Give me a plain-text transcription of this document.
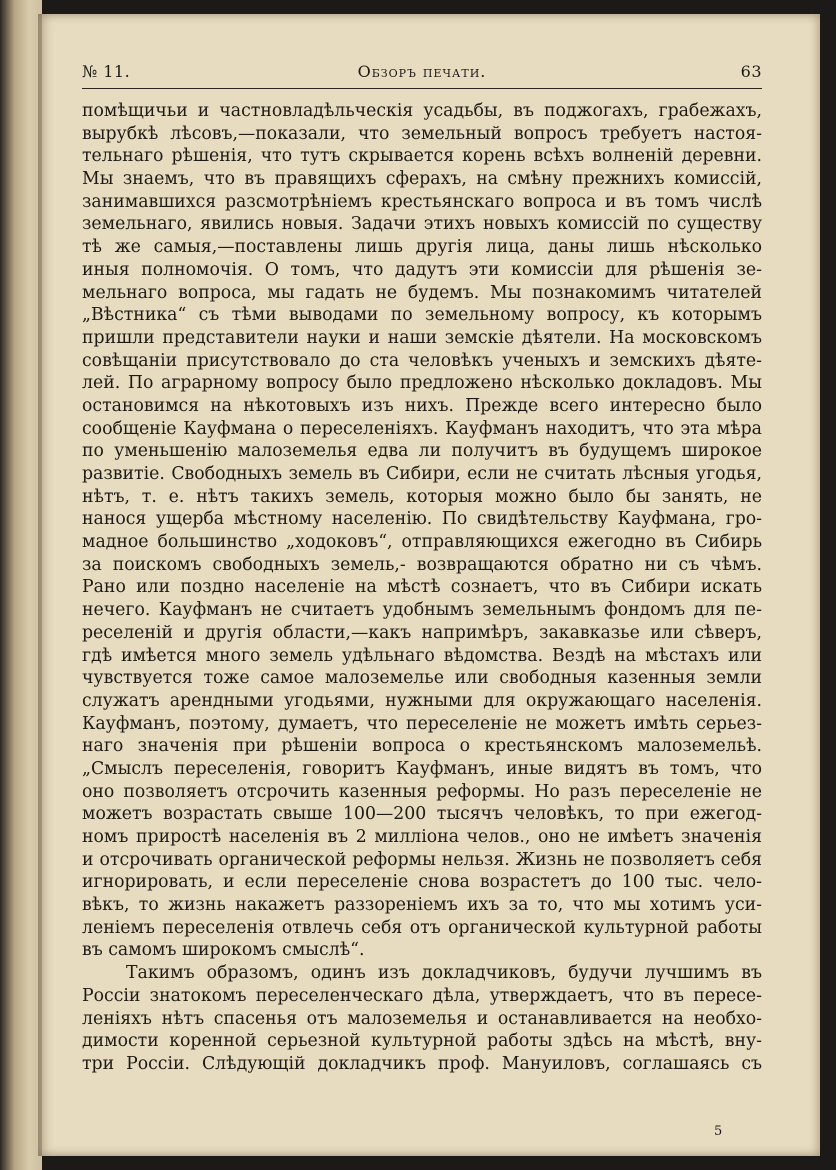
№ 11.	Обзоръ печати.	63
помѣщичьи и частновладѣльческія усадьбы, въ поджогахъ, грабежахъ,
вырубкѣ лѣсовъ,—показали, что земельный вопросъ требуетъ настоя-
тельнаго рѣшенія, что тутъ скрывается корень всѣхъ волненій деревни.
Мы знаемъ, что въ правящихъ сферахъ, на смѣну прежнихъ комиссій,
занимавшихся разсмотрѣніемъ крестьянскаго вопроса и въ томъ числѣ
земельнаго, явились новыя. Задачи этихъ новыхъ комиссій по существу
тѣ же самыя,—поставлены лишь другія лица, даны лишь нѣсколько
иныя полномочія. О томъ, что дадутъ эти комиссіи для рѣшенія зе-
мельнаго вопроса, мы гадать не будемъ. Мы познакомимъ читателей
„Вѣстника“ съ тѣми выводами по земельному вопросу, къ которымъ
пришли представители науки и наши земскіе дѣятели. На московскомъ
совѣщаніи присутствовало до ста человѣкъ ученыхъ и земскихъ дѣяте-
лей. По аграрному вопросу было предложено нѣсколько докладовъ. Мы
остановимся на нѣкотовыхъ изъ нихъ. Прежде всего интересно было
сообщеніе Кауфмана о переселеніяхъ. Кауфманъ находитъ, что эта мѣра
по уменьшенію малоземелья едва ли получитъ въ будущемъ широкое
развитіе. Свободныхъ земель въ Сибири, если не считать лѣсныя угодья,
нѣтъ, т. е. нѣтъ такихъ земель, которыя можно было бы занять, не
нанося ущерба мѣстному населенію. По свидѣтельству Кауфмана, гро-
мадное большинство „ходоковъ“, отправляющихся ежегодно въ Сибирь
за поискомъ свободныхъ земель,- возвращаются обратно ни съ чѣмъ.
Рано или поздно населеніе на мѣстѣ сознаетъ, что въ Сибири искать
нечего. Кауфманъ не считаетъ удобнымъ земельнымъ фондомъ для пе-
реселеній и другія области,—какъ напримѣръ, закавказье или сѣверъ,
гдѣ имѣется много земель удѣльнаго вѣдомства. Вездѣ на мѣстахъ или
чувствуется тоже самое малоземелье или свободныя казенныя земли
служатъ арендными угодьями, нужными для окружающаго населенія.
Кауфманъ, поэтому, думаетъ, что переселеніе не можетъ имѣть серьез-
наго значенія при рѣшеніи вопроса о крестьянскомъ малоземельѣ.
„Смыслъ переселенія, говоритъ Кауфманъ, иные видятъ въ томъ, что
оно позволяетъ отсрочить казенныя реформы. Но разъ переселеніе не
можетъ возрастать свыше 100—200 тысячъ человѣкъ, то при ежегод-
номъ приростѣ населенія въ 2 милліона челов., оно не имѣетъ значенія
и отсрочивать органической реформы нельзя. Жизнь не позволяетъ себя
игнорировать, и если переселеніе снова возрастетъ до 100 тыс. чело-
вѣкъ, то жизнь накажетъ раззореніемъ ихъ за то, что мы хотимъ уси-
леніемъ переселенія отвлечь себя отъ органической культурной работы
въ самомъ широкомъ смыслѣ“.
Такимъ образомъ, одинъ изъ докладчиковъ, будучи лучшимъ въ
Россіи знатокомъ переселенческаго дѣла, утверждаетъ, что въ пересе-
леніяхъ нѣтъ спасенья отъ малоземелья и останавливается на необхо-
димости коренной серьезной культурной работы здѣсь на мѣстѣ, вну-
три Россіи. Слѣдующій докладчикъ проф. Мануиловъ, соглашаясь съ
5
